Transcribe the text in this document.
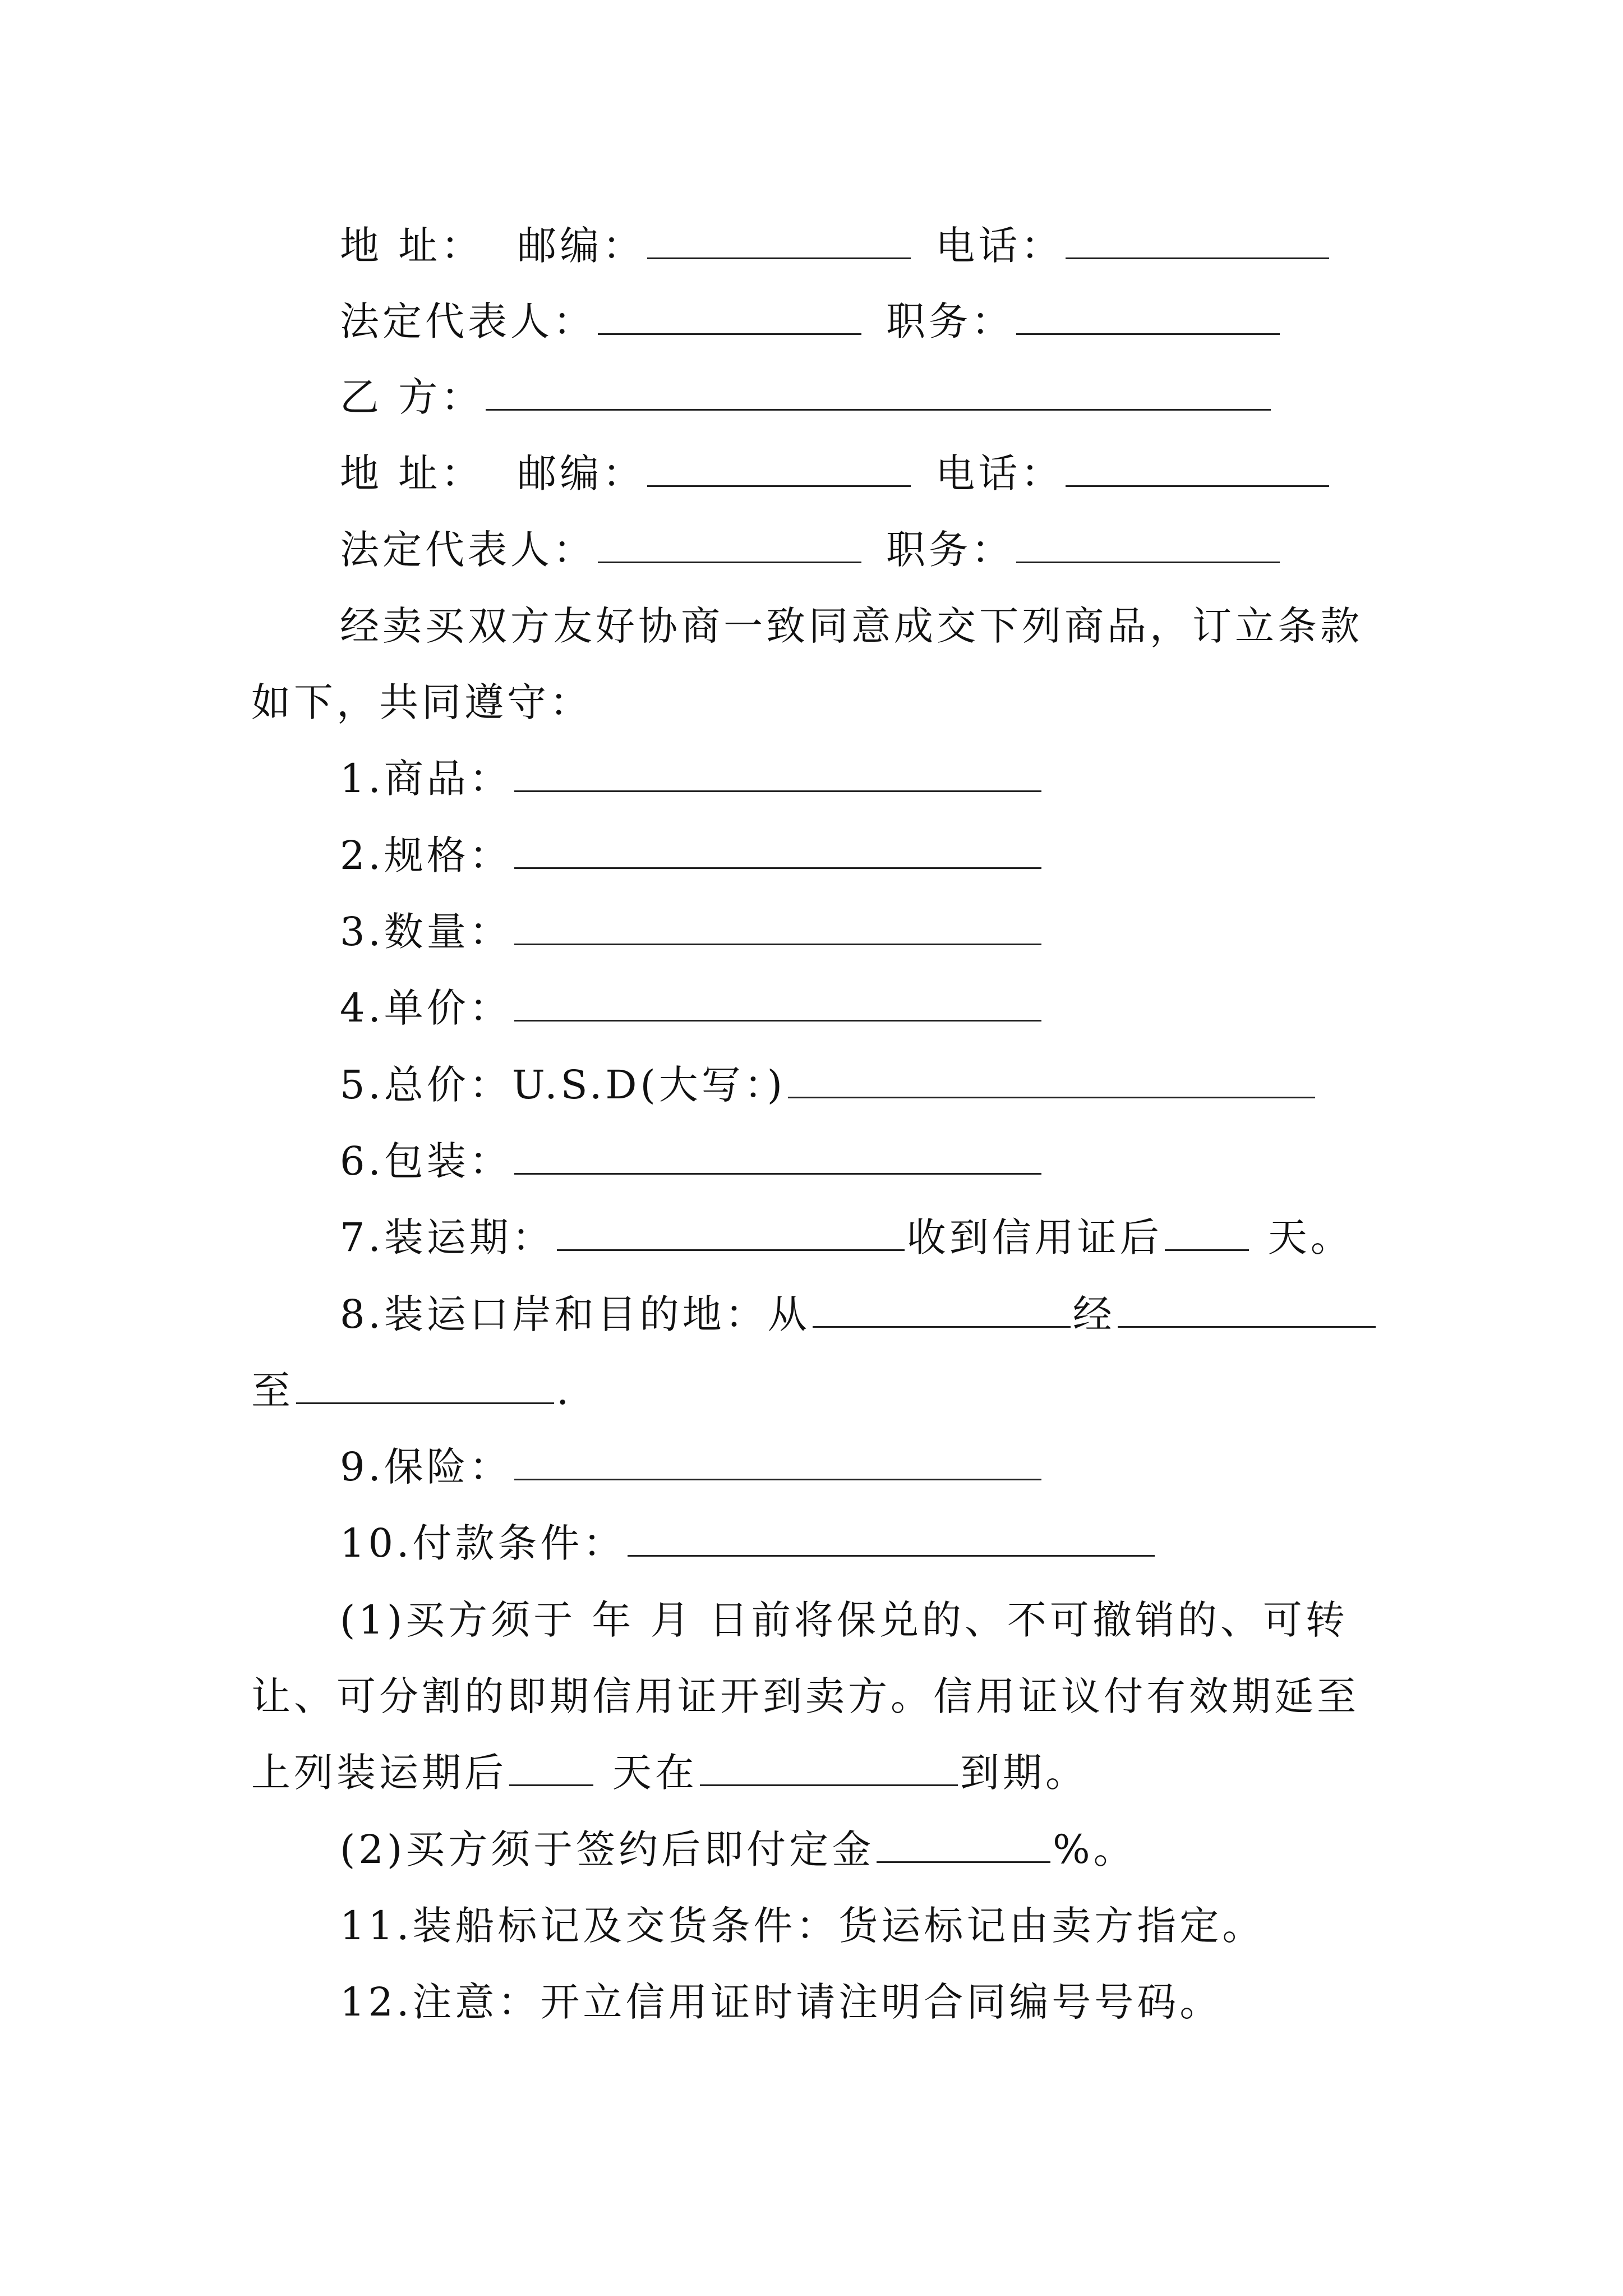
地 址： 邮编：	电话：
法定代表人：	职务：
乙 方：
地 址： 邮编：	电话：
法定代表人：	职务：
经卖买双方友好协商一致同意成交下列商品，订立条款
如下，共同遵守：
1.商品：
2.规格：
3.数量：
4.单价：
5.总价：U.S.D(大写：)
6.包装：
7.装运期：	收到信用证后	天。
8.装运口岸和目的地：从	经
至	.
9.保险：
10.付款条件：
(1)买方须于 年 月 日前将保兑的、不可撤销的、可转
让、可分割的即期信用证开到卖方。信用证议付有效期延至
上列装运期后	天在	到期。
(2)买方须于签约后即付定金	%。
11.装船标记及交货条件：货运标记由卖方指定。
12.注意：开立信用证时请注明合同编号号码。
